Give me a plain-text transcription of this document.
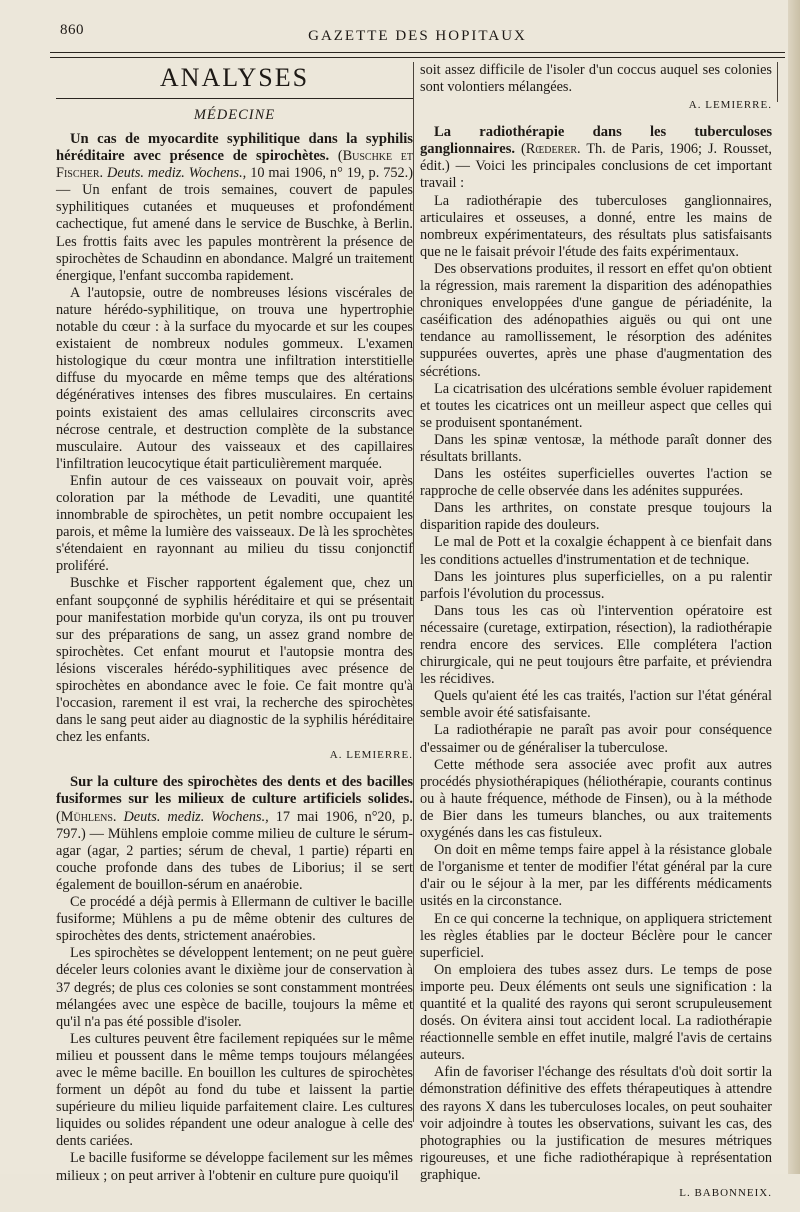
860	GAZETTE DES HOPITAUX
ANALYSES
MÉDECINE

Un cas de myocardite syphilitique dans la syphilis héréditaire avec présence de spirochètes. (Buschke et Fischer. Deuts. mediz. Wochens., 10 mai 1906, n° 19, p. 752.) — Un enfant de trois semaines, couvert de papules syphilitiques cutanées et muqueuses et profondément cachectique, fut amené dans le service de Buschke, à Berlin. Les frottis faits avec les papules montrèrent la présence de spirochètes de Schaudinn en abondance. Malgré un traitement énergique, l'enfant succomba rapidement.

A l'autopsie, outre de nombreuses lésions viscérales de nature hérédo-syphilitique, on trouva une hypertrophie notable du cœur : à la surface du myocarde et sur les coupes existaient de nombreux nodules gommeux. L'examen histologique du cœur montra une infiltration interstitielle diffuse du myocarde en même temps que des altérations dégénératives intenses des fibres musculaires. En certains points existaient des amas cellulaires circonscrits avec nécrose centrale, et destruction complète de la substance musculaire. Autour des vaisseaux et des capillaires l'infiltration leucocytique était particulièrement marquée.

Enfin autour de ces vaisseaux on pouvait voir, après coloration par la méthode de Levaditi, une quantité innombrable de spirochètes, un petit nombre occupaient les parois, et même la lumière des vaisseaux. De là les sprochètes s'étendaient en rayonnant au milieu du tissu conjonctif proliféré.

Buschke et Fischer rapportent également que, chez un enfant soupçonné de syphilis héréditaire et qui se présentait pour manifestation morbide qu'un coryza, ils ont pu trouver sur des préparations de sang, un assez grand nombre de spirochètes. Cet enfant mourut et l'autopsie montra des lésions viscerales hérédo-syphilitiques avec présence de spirochètes en abondance avec le foie. Ce fait montre qu'à l'occasion, rarement il est vrai, la recherche des spirochètes dans le sang peut aider au diagnostic de la syphilis héréditaire chez les enfants.

A. LEMIERRE.

Sur la culture des spirochètes des dents et des bacilles fusiformes sur les milieux de culture artificiels solides. (Mühlens. Deuts. mediz. Wochens., 17 mai 1906, n°20, p. 797.) — Mühlens emploie comme milieu de culture le sérum-agar (agar, 2 parties; sérum de cheval, 1 partie) réparti en couche profonde dans des tubes de Liborius; il se sert également de bouillon-sérum en anaérobie.

Ce procédé a déjà permis à Ellermann de cultiver le bacille fusiforme; Mühlens a pu de même obtenir des cultures de spirochètes des dents, strictement anaérobies.

Les spirochètes se développent lentement; on ne peut guère déceler leurs colonies avant le dixième jour de conservation à 37 degrés; de plus ces colonies se sont constamment montrées mélangées avec une espèce de bacille, toujours la même et qu'il n'a pas été possible d'isoler.

Les cultures peuvent être facilement repiquées sur le même milieu et poussent dans le même temps toujours mélangées avec le même bacille. En bouillon les cultures de spirochètes forment un dépôt au fond du tube et laissent la partie supérieure du milieu liquide parfaitement claire. Les cultures liquides ou solides répandent une odeur analogue à celle des dents cariées.

Le bacille fusiforme se développe facilement sur les mêmes milieux ; on peut arriver à l'obtenir en culture pure quoiqu'il

soit assez difficile de l'isoler d'un coccus auquel ses colonies sont volontiers mélangées.

A. LEMIERRE.

La radiothérapie dans les tuberculoses ganglionnaires. (Rœderer. Th. de Paris, 1906; J. Rousset, édit.) — Voici les principales conclusions de cet important travail :

La radiothérapie des tuberculoses ganglionnaires, articulaires et osseuses, a donné, entre les mains de nombreux expérimentateurs, des résultats plus satisfaisants que ne le faisait prévoir l'étude des faits expérimentaux.

Des observations produites, il ressort en effet qu'on obtient la régression, mais rarement la disparition des adénopathies chroniques enveloppées d'une gangue de périadénite, la caséification des adénopathies aiguës ou qui ont une tendance au ramollissement, le résorption des adénites suppurées ouvertes, après une phase d'augmentation des sécrétions.

La cicatrisation des ulcérations semble évoluer rapidement et toutes les cicatrices ont un meilleur aspect que celles qui se produisent spontanément.

Dans les spinæ ventosæ, la méthode paraît donner des résultats brillants.

Dans les ostéites superficielles ouvertes l'action se rapproche de celle observée dans les adénites suppurées.

Dans les arthrites, on constate presque toujours la disparition rapide des douleurs.

Le mal de Pott et la coxalgie échappent à ce bienfait dans les conditions actuelles d'instrumentation et de technique.

Dans les jointures plus superficielles, on a pu ralentir parfois l'évolution du processus.

Dans tous les cas où l'intervention opératoire est nécessaire (curetage, extirpation, résection), la radiothérapie rendra encore des services. Elle complétera l'action chirurgicale, qui ne peut toujours être parfaite, et préviendra les récidives.

Quels qu'aient été les cas traités, l'action sur l'état général semble avoir été satisfaisante.

La radiothérapie ne paraît pas avoir pour conséquence d'essaimer ou de généraliser la tuberculose.

Cette méthode sera associée avec profit aux autres procédés physiothérapiques (héliothérapie, courants continus ou à haute fréquence, méthode de Finsen), ou à la méthode de Bier dans les tumeurs blanches, ou aux traitements oxygénés dans les cas fistuleux.

On doit en même temps faire appel à la résistance globale de l'organisme et tenter de modifier l'état général par la cure d'air ou le séjour à la mer, par les différents médicaments usités en la circonstance.

En ce qui concerne la technique, on appliquera strictement les règles établies par le docteur Béclère pour le cancer superficiel.

On emploiera des tubes assez durs. Le temps de pose importe peu. Deux éléments ont seuls une signification : la quantité et la qualité des rayons qui seront scrupuleusement dosés. On évitera ainsi tout accident local. La radiothérapie réactionnelle semble en effet inutile, malgré l'avis de certains auteurs.

Afin de favoriser l'échange des résultats d'où doit sortir la démonstration définitive des effets thérapeutiques à attendre des rayons X dans les tuberculoses locales, on peut souhaiter voir adjoindre à toutes les observations, suivant les cas, des photographies ou la justification de mesures métriques rigoureuses, et une fiche radiothérapique à représentation graphique.

L. BABONNEIX.
